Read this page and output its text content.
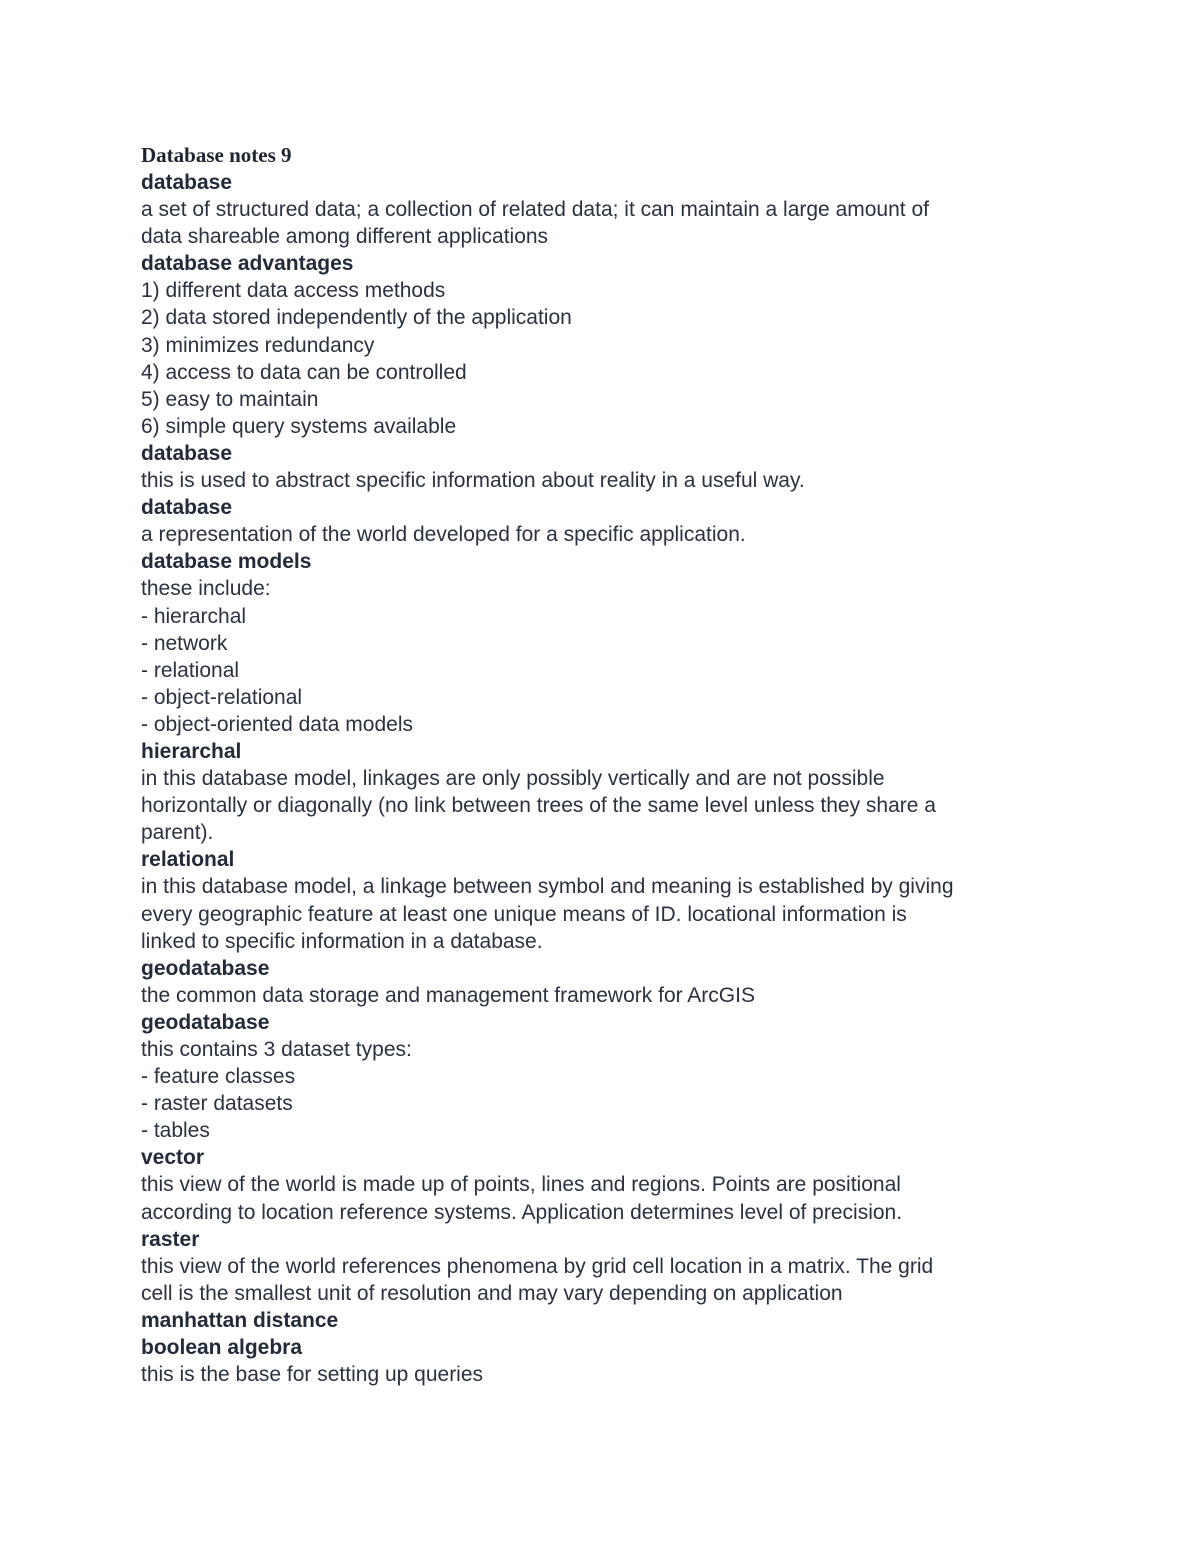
Database notes 9

database

a set of structured data; a collection of related data; it can maintain a large amount of
data shareable among different applications

database advantages

1) different data access methods
2) data stored independently of the application
3) minimizes redundancy
4) access to data can be controlled
5) easy to maintain
6) simple query systems available

database

this is used to abstract specific information about reality in a useful way.

database

a representation of the world developed for a specific application.

database models

these include:
- hierarchal
- network
- relational
- object-relational
- object-oriented data models

hierarchal

in this database model, linkages are only possibly vertically and are not possible
horizontally or diagonally (no link between trees of the same level unless they share a
parent).

relational

in this database model, a linkage between symbol and meaning is established by giving
every geographic feature at least one unique means of ID. locational information is
linked to specific information in a database.

geodatabase

the common data storage and management framework for ArcGIS

geodatabase

this contains 3 dataset types:
- feature classes
- raster datasets
- tables

vector

this view of the world is made up of points, lines and regions. Points are positional
according to location reference systems. Application determines level of precision.

raster

this view of the world references phenomena by grid cell location in a matrix. The grid
cell is the smallest unit of resolution and may vary depending on application

manhattan distance

boolean algebra

this is the base for setting up queries
